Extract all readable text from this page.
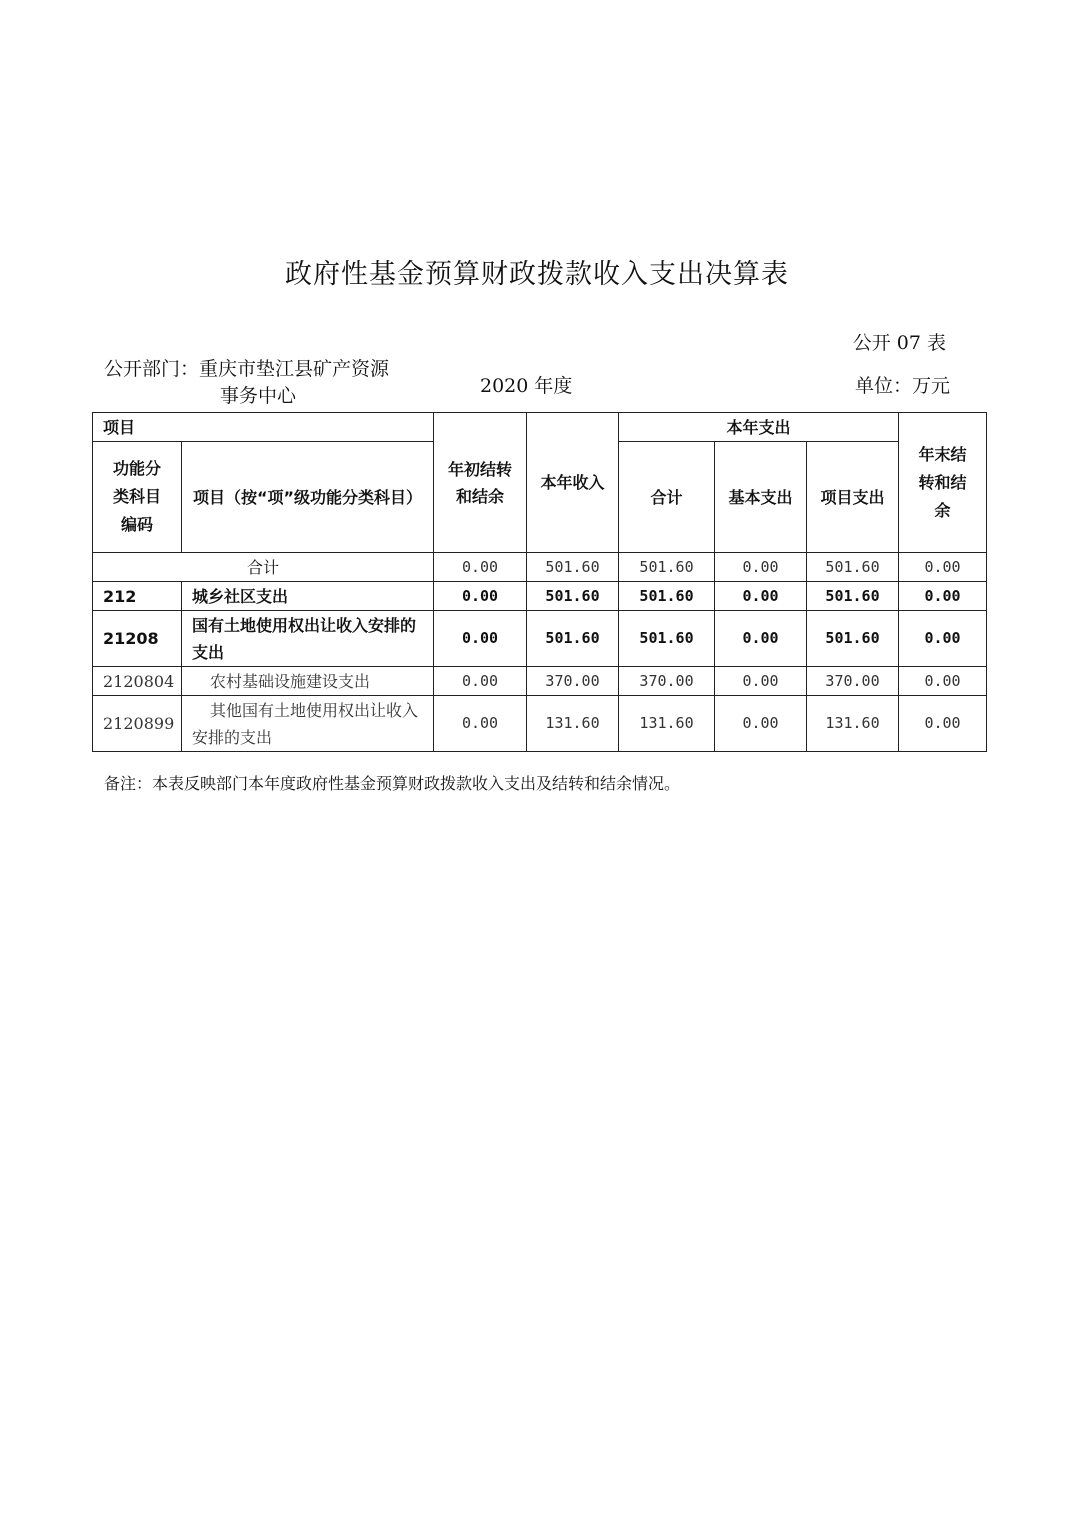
政府性基金预算财政拨款收入支出决算表
公开 07 表
公开部门：重庆市垫江县矿产资源
事务中心	2020 年度	单位：万元
项目		年初结转和结余	本年收入	本年支出			年末结转和结余

功能分类科目编码	项目（按“项”级功能分类科目）			合计	基本支出	项目支出	
合计		0.00	501.60	501.60	0.00	501.60	0.00
212	城乡社区支出	0.00	501.60	501.60	0.00	501.60	0.00
21208	国有土地使用权出让收入安排的支出	0.00	501.60	501.60	0.00	501.60	0.00
2120804	农村基础设施建设支出	0.00	370.00	370.00	0.00	370.00	0.00
2120899	其他国有土地使用权出让收入安排的支出	0.00	131.60	131.60	0.00	131.60	0.00
备注：本表反映部门本年度政府性基金预算财政拨款收入支出及结转和结余情况。
